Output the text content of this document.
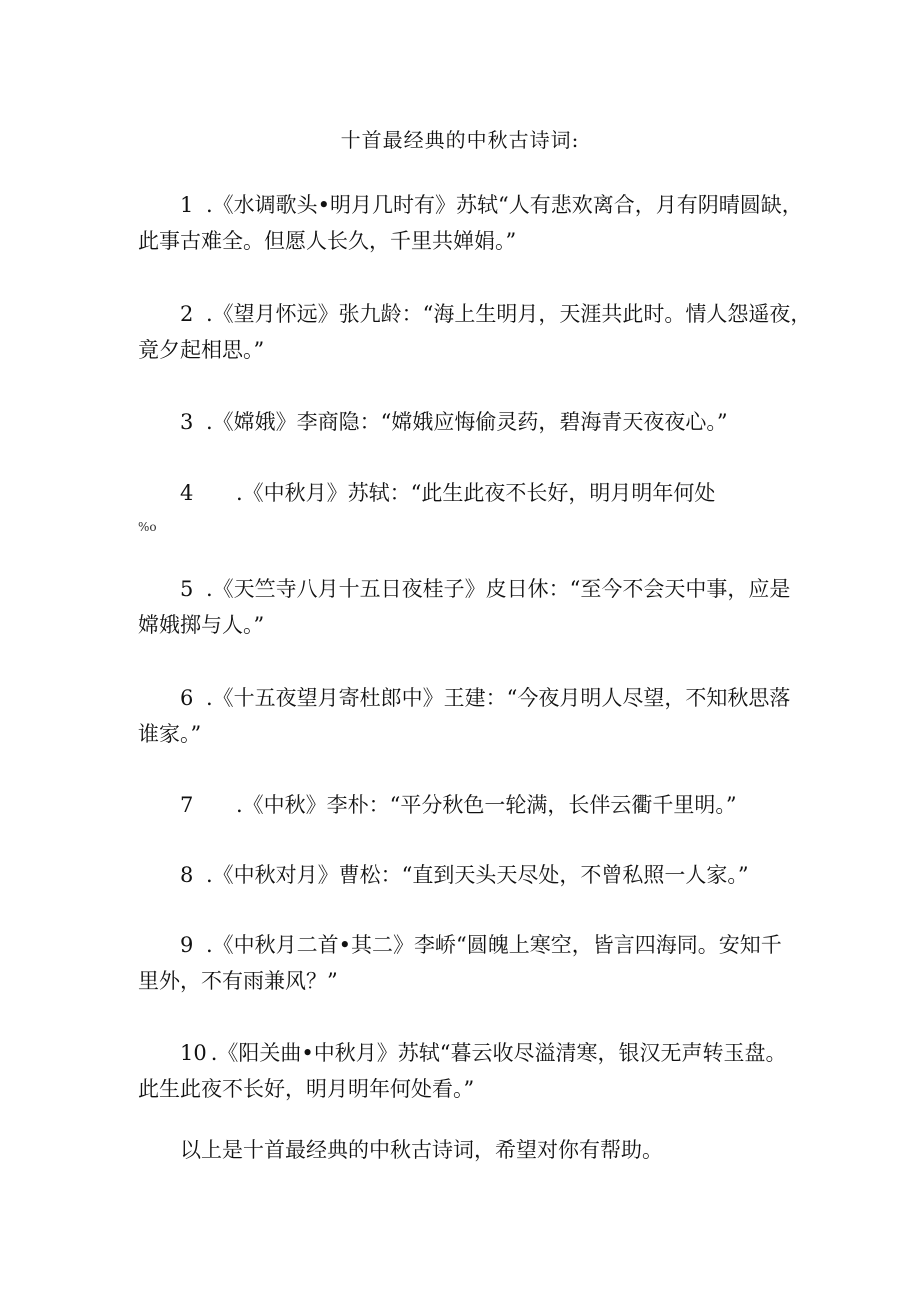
十首最经典的中秋古诗词:
1 .《水调歌头•明月几时有》苏轼“人有悲欢离合，月有阴晴圆缺，
此事古难全。但愿人长久，千里共婵娟。”
2 .《望月怀远》张九龄：“海上生明月，天涯共此时。情人怨遥夜，
竟夕起相思。”
3 .《嫦娥》李商隐：“嫦娥应悔偷灵药，碧海青天夜夜心。”
4 .《中秋月》苏轼：“此生此夜不长好，明月明年何处
%o
5 .《天竺寺八月十五日夜桂子》皮日休：“至今不会天中事，应是
嫦娥掷与人。”
6 .《十五夜望月寄杜郎中》王建：“今夜月明人尽望，不知秋思落
谁家。”
7 .《中秋》李朴：“平分秋色一轮满，长伴云衢千里明。”
8 .《中秋对月》曹松：“直到天头天尽处，不曾私照一人家。”
9 .《中秋月二首•其二》李峤“圆魄上寒空，皆言四海同。安知千
里外，不有雨兼风？”
10 .《阳关曲•中秋月》苏轼“暮云收尽溢清寒，银汉无声转玉盘。
此生此夜不长好，明月明年何处看。”
以上是十首最经典的中秋古诗词，希望对你有帮助。
